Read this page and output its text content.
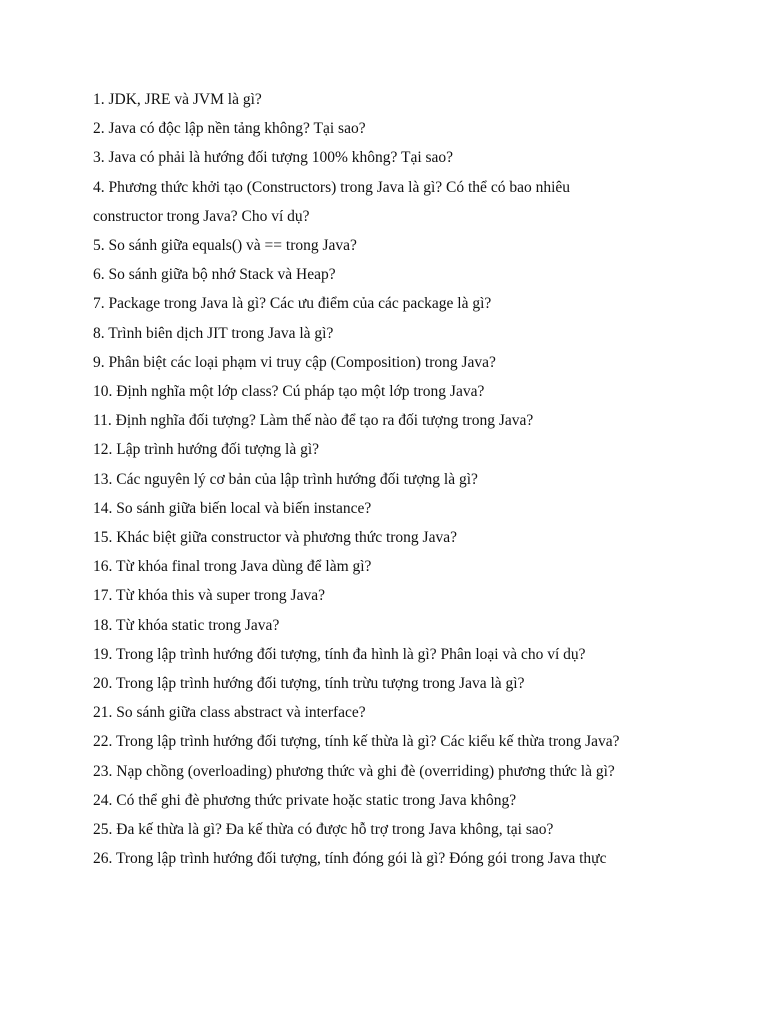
1. JDK, JRE và JVM là gì?
2. Java có độc lập nền tảng không? Tại sao?
3. Java có phải là hướng đối tượng 100% không? Tại sao?
4. Phương thức khởi tạo (Constructors) trong Java là gì? Có thể có bao nhiêu constructor trong Java? Cho ví dụ?
5. So sánh giữa equals() và == trong Java?
6. So sánh giữa bộ nhớ Stack và Heap?
7. Package trong Java là gì? Các ưu điểm của các package là gì?
8. Trình biên dịch JIT trong Java là gì?
9. Phân biệt các loại phạm vi truy cập (Composition) trong Java?
10. Định nghĩa một lớp class? Cú pháp tạo một lớp trong Java?
11. Định nghĩa đối tượng? Làm thế nào để tạo ra đối tượng trong Java?
12. Lập trình hướng đối tượng là gì?
13. Các nguyên lý cơ bản của lập trình hướng đối tượng là gì?
14. So sánh giữa biến local và biến instance?
15. Khác biệt giữa constructor và phương thức trong Java?
16. Từ khóa final trong Java dùng để làm gì?
17. Từ khóa this và super trong Java?
18. Từ khóa static trong Java?
19. Trong lập trình hướng đối tượng, tính đa hình là gì? Phân loại và cho ví dụ?
20. Trong lập trình hướng đối tượng, tính trừu tượng trong Java là gì?
21. So sánh giữa class abstract và interface?
22. Trong lập trình hướng đối tượng, tính kế thừa là gì? Các kiểu kế thừa trong Java?
23. Nạp chồng (overloading) phương thức và ghi đè (overriding) phương thức là gì?
24. Có thể ghi đè phương thức private hoặc static trong Java không?
25. Đa kế thừa là gì? Đa kế thừa có được hỗ trợ trong Java không, tại sao?
26. Trong lập trình hướng đối tượng, tính đóng gói là gì? Đóng gói trong Java thực
